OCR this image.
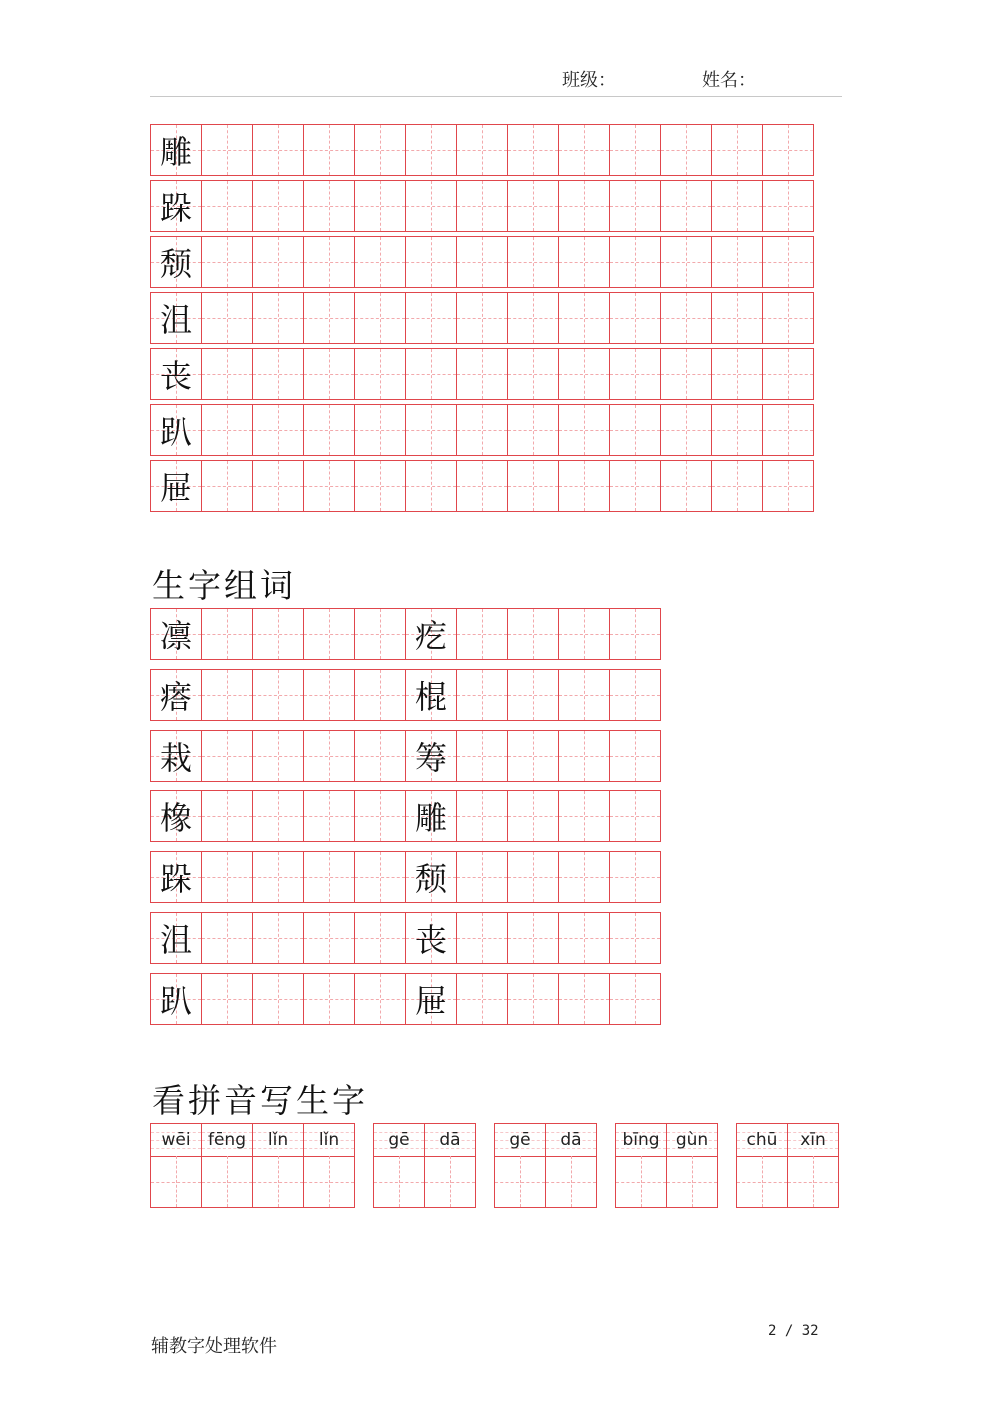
班级：	姓名：
雕
跺
颓
沮
丧
趴
屉
生字组词
凛	疙
瘩	棍
栽	筹
橡	雕
跺	颓
沮	丧
趴	屉
看拼音写生字
wēi	fēng	lǐn	lǐn	gē	dā	gē	dā	bīng gùn	chū	xīn
辅教字处理软件
2 / 32
